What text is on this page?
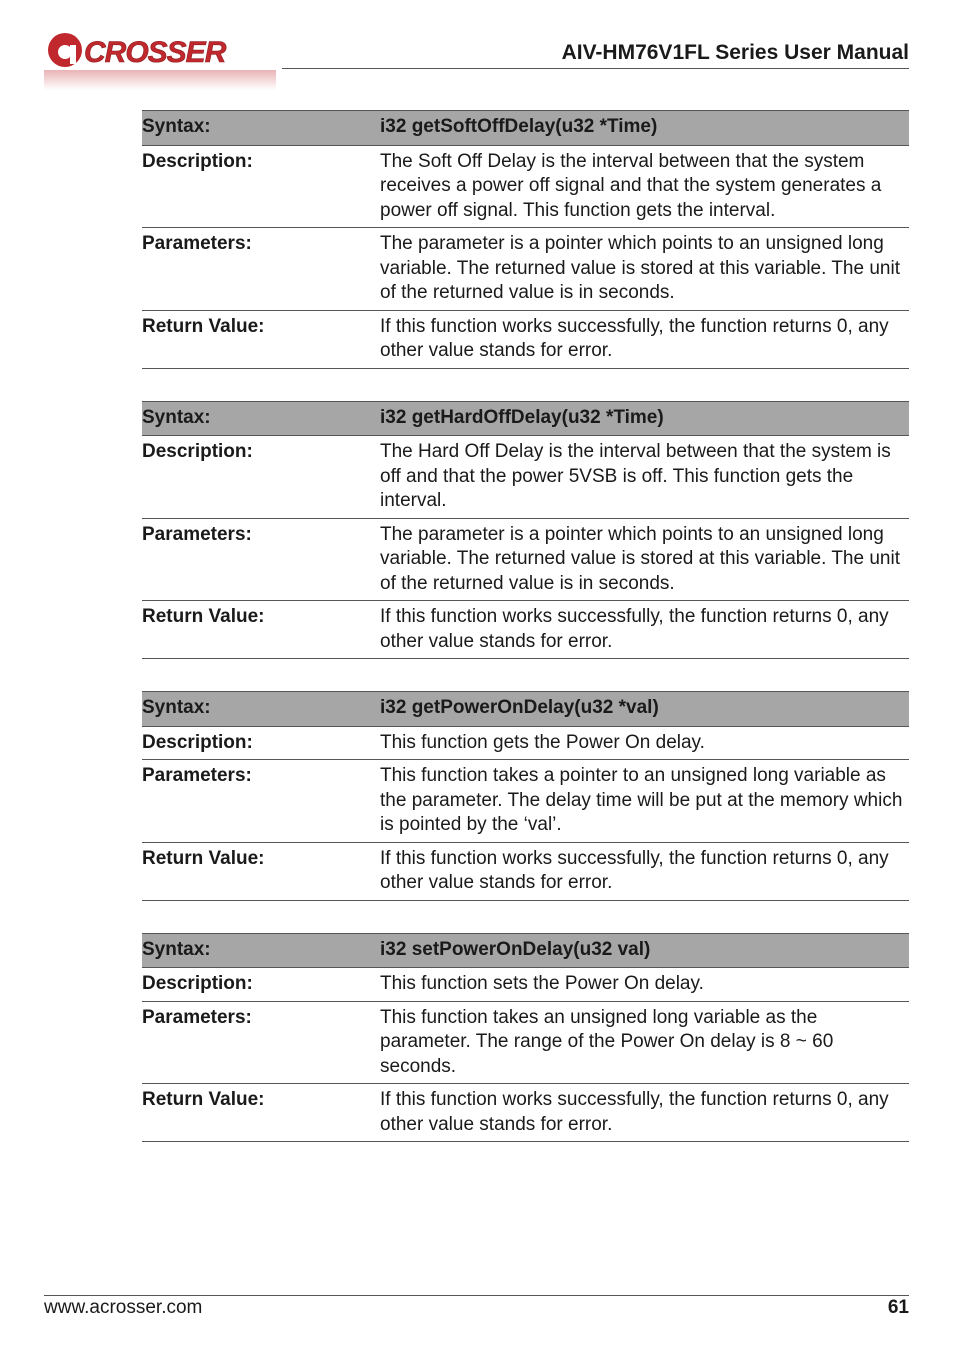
CROSSER	AIV-HM76V1FL Series User Manual
Syntax:	i32 getSoftOffDelay(u32 *Time)
Description:	The Soft Off Delay is the interval between that the system receives a power off signal and that the system generates a power off signal. This function gets the interval.
Parameters:	The parameter is a pointer which points to an unsigned long variable. The returned value is stored at this variable. The unit of the returned value is in seconds.
Return Value:	If this function works successfully, the function returns 0, any other value stands for error.
Syntax:	i32 getHardOffDelay(u32 *Time)
Description:	The Hard Off Delay is the interval between that the system is off and that the power 5VSB is off. This function gets the interval.
Parameters:	The parameter is a pointer which points to an unsigned long variable. The returned value is stored at this variable. The unit of the returned value is in seconds.
Return Value:	If this function works successfully, the function returns 0, any other value stands for error.
Syntax:	i32 getPowerOnDelay(u32 *val)
Description:	This function gets the Power On delay.
Parameters:	This function takes a pointer to an unsigned long variable as the parameter. The delay time will be put at the memory which is pointed by the ‘val’.
Return Value:	If this function works successfully, the function returns 0, any other value stands for error.
Syntax:	i32 setPowerOnDelay(u32 val)
Description:	This function sets the Power On delay.
Parameters:	This function takes an unsigned long variable as the parameter. The range of the Power On delay is 8 ~ 60 seconds.
Return Value:	If this function works successfully, the function returns 0, any other value stands for error.
www.acrosser.com	61
